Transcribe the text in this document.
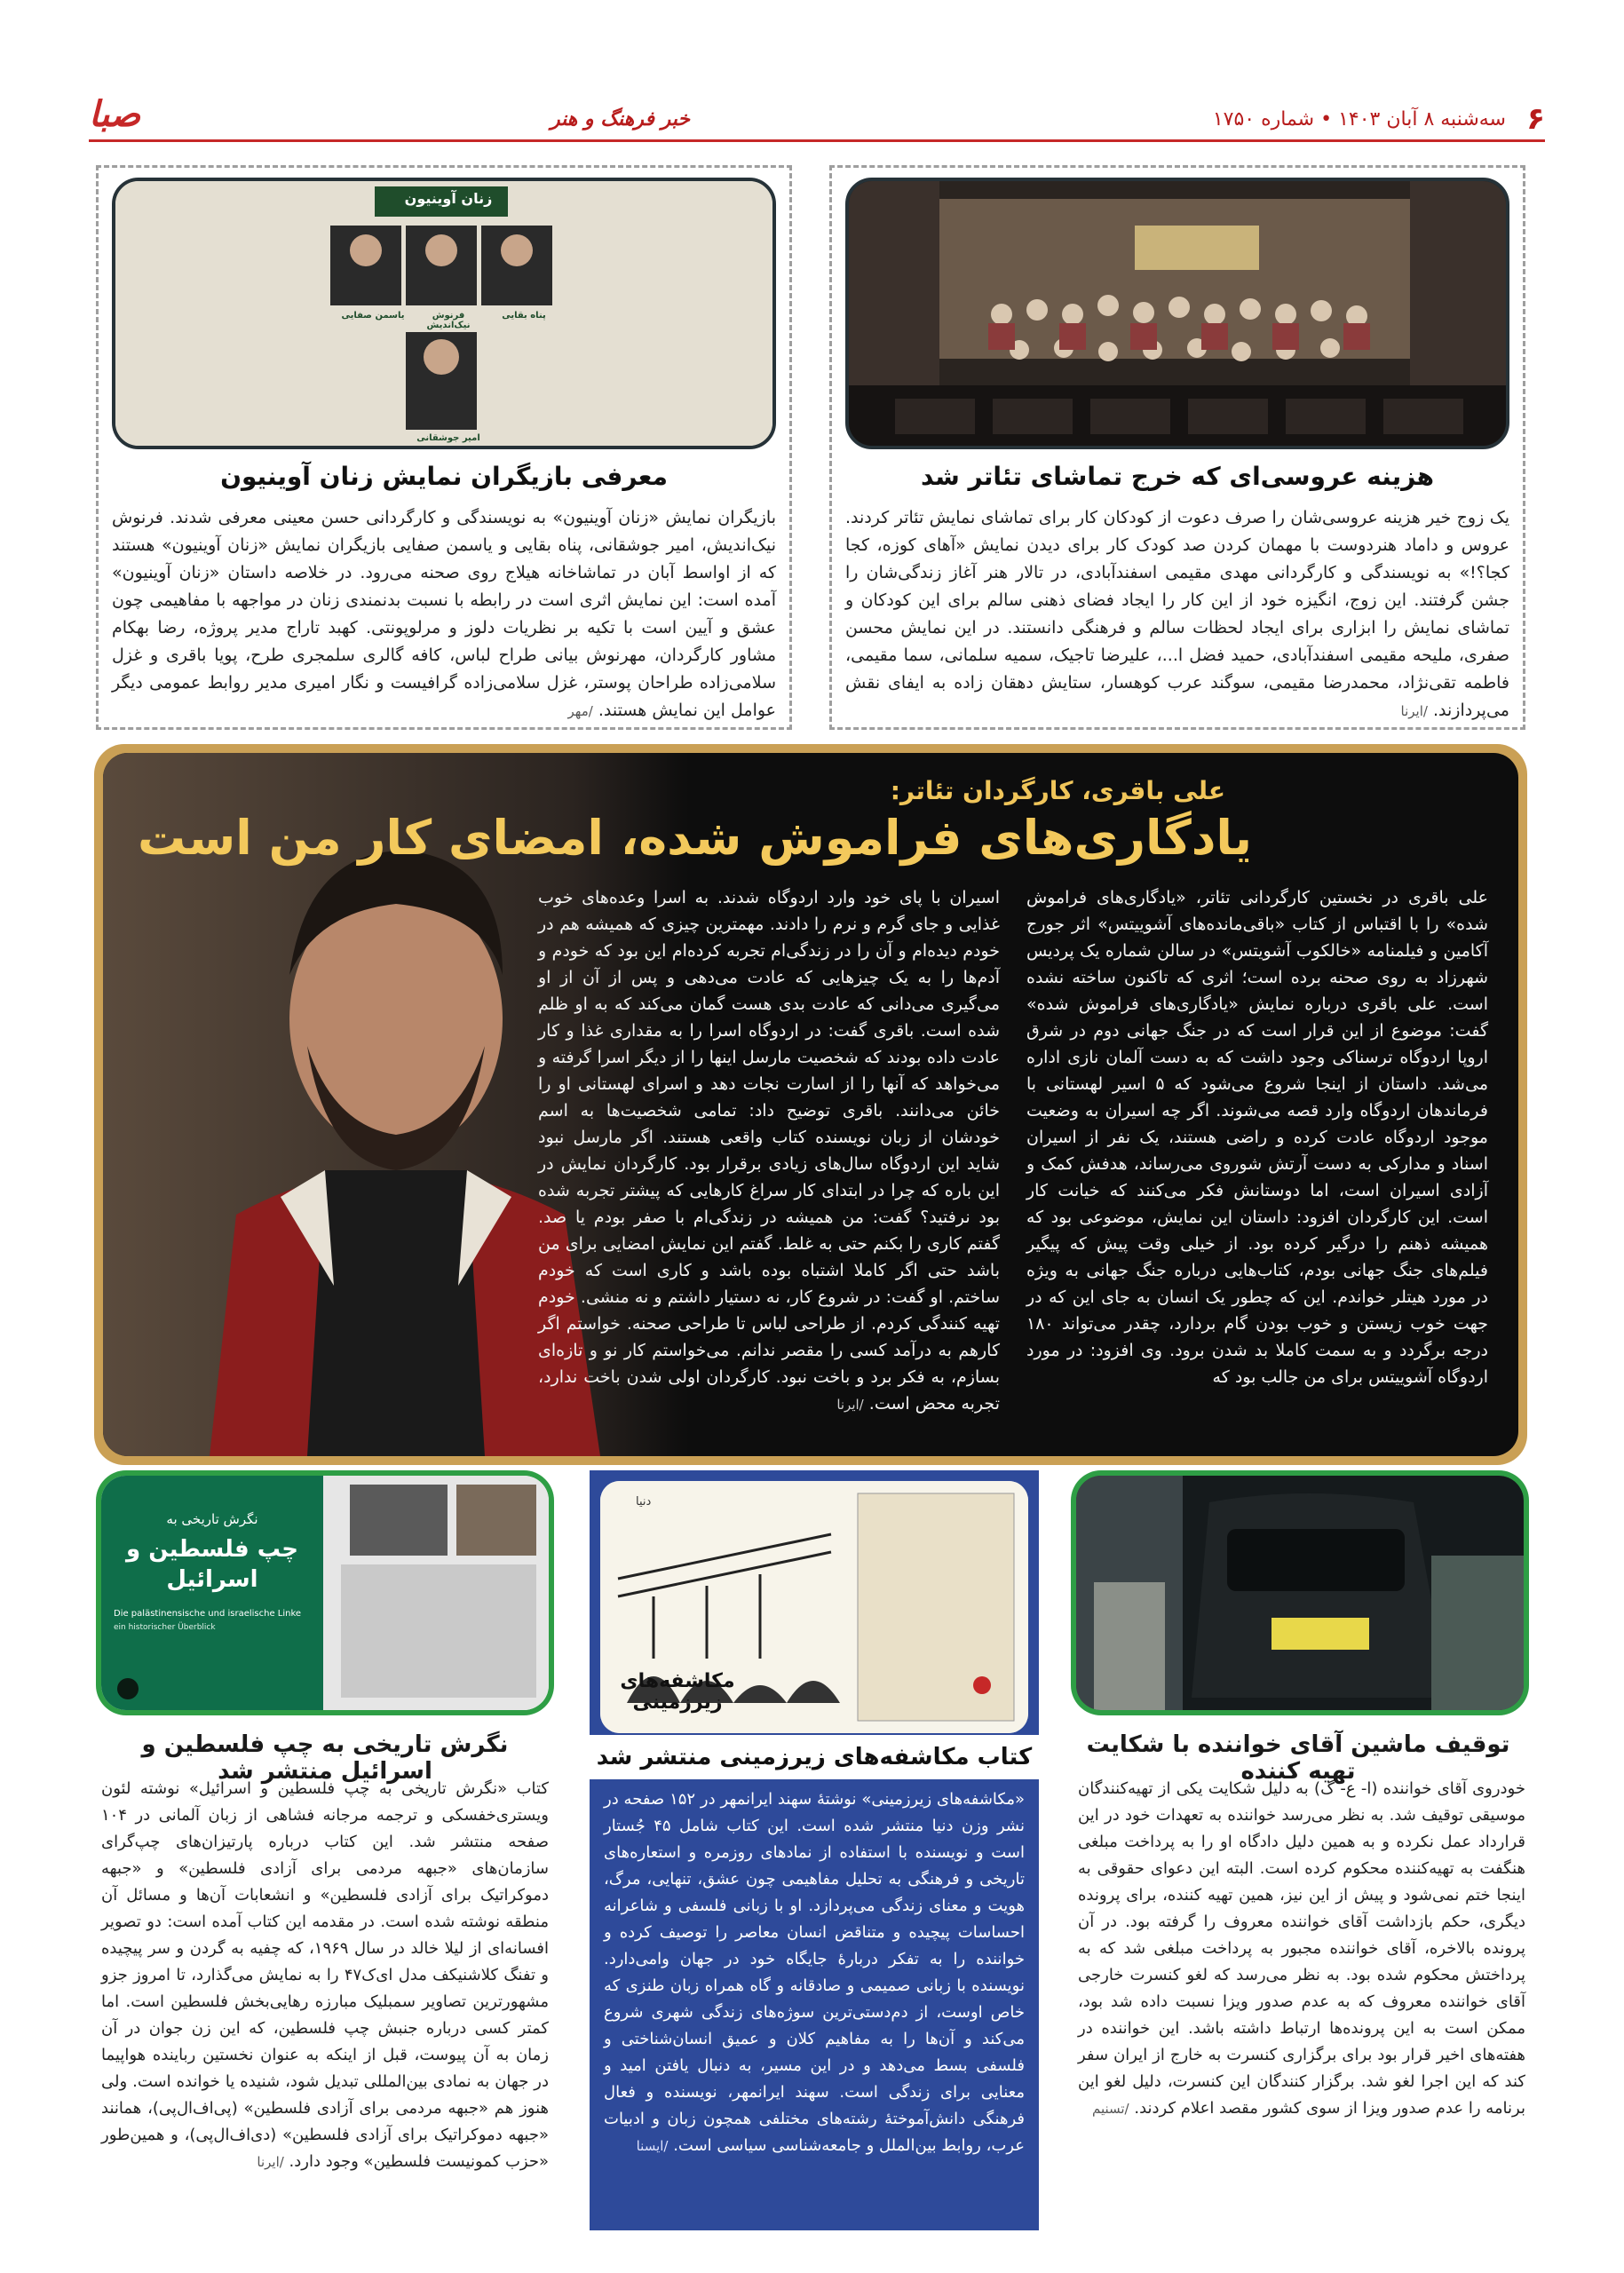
۶
سه‌شنبه ۸ آبان ۱۴۰۳ • شماره ۱۷۵۰
خبر فرهنگ و هنر
صبا
هزینه عروسی‌ای که خرج تماشای تئاتر شد
یک زوج خیر هزینه عروسی‌شان را صرف دعوت از کودکان کار برای تماشای نمایش تئاتر کردند. عروس و داماد هنردوست با مهمان کردن صد کودک کار برای دیدن نمایش «آهای کوزه، کجا کجا؟!» به نویسندگی و کارگردانی مهدی مقیمی اسفندآبادی، در تالار هنر آغاز زندگی‌شان را جشن گرفتند. این زوج، انگیزه خود از این کار را ایجاد فضای ذهنی سالم برای این کودکان و تماشای نمایش را ابزاری برای ایجاد لحظات سالم و فرهنگی دانستند. در این نمایش محسن صفری، ملیحه مقیمی اسفندآبادی، حمید فضل ا...، علیرضا تاجیک، سمیه سلمانی، سما مقیمی، فاطمه تقی‌نژاد، محمدرضا مقیمی، سوگند عرب کوهسار، ستایش دهقان زاده به ایفای نقش می‌پردازند. /ایرنا
زنان آوینیون
پناه بقایی
فرنوش نیک‌اندیش
یاسمن صفایی
امیر جوشقانی
معرفی بازیگران نمایش زنان آوینیون
بازیگران نمایش «زنان آوینیون» به نویسندگی و کارگردانی حسن معینی معرفی شدند. فرنوش نیک‌اندیش، امیر جوشقانی، پناه بقایی و یاسمن صفایی بازیگران نمایش «زنان آوینیون» هستند که از اواسط آبان در تماشاخانه هیلاج روی صحنه می‌رود. در خلاصه داستان «زنان آوینیون» آمده است: این نمایش اثری است در رابطه با نسبت بدنمندی زنان در مواجهه با مفاهیمی چون عشق و آیین است با تکیه بر نظریات دلوز و مرلوپونتی. کهبد تاراج مدیر پروژه، رضا بهکام مشاور کارگردان، مهرنوش بیانی طراح لباس، کافه گالری سلمجری طرح، پویا باقری و غزل سلامی‌زاده طراحان پوستر، غزل سلامی‌زاده گرافیست و نگار امیری مدیر روابط عمومی دیگر عوامل این نمایش هستند. /مهر
علی باقری، کارگردان تئاتر:
یادگاری‌های فراموش شده، امضای کار من است
علی باقری در نخستین کارگردانی تئاتر، «یادگاری‌های فراموش شده» را با اقتباس از کتاب «باقی‌مانده‌های آشوییتس» اثر جورج آکامین و فیلمنامه «خالکوب آشویتس» در سالن شماره یک پردیس شهرزاد به روی صحنه برده است؛ اثری که تاکنون ساخته نشده است. علی باقری درباره نمایش «یادگاری‌های فراموش شده» گفت: موضوع از این قرار است که در جنگ جهانی دوم در شرق اروپا اردوگاه ترسناکی وجود داشت که به دست آلمان نازی اداره می‌شد. داستان از اینجا شروع می‌شود که ۵ اسیر لهستانی با فرماندهان اردوگاه وارد قصه می‌شوند. اگر چه اسیران به وضعیت موجود اردوگاه عادت کرده و راضی هستند، یک نفر از اسیران اسناد و مدارکی به دست آرتش شوروی می‌رساند، هدفش کمک و آزادی اسیران است، اما دوستانش فکر می‌کنند که خیانت کار است. این کارگردان افزود: داستان این نمایش، موضوعی بود که همیشه ذهنم را درگیر کرده بود. از خیلی وقت پیش که پیگیر فیلم‌های جنگ جهانی بودم، کتاب‌هایی درباره جنگ جهانی به ویژه در مورد هیتلر خواندم. این که چطور یک انسان به جای این که در جهت خوب زیستن و خوب بودن گام بردارد، چقدر می‌تواند ۱۸۰ درجه برگردد و به سمت کاملا بد شدن برود. وی افزود: در مورد اردوگاه آشوییتس برای من جالب بود که
اسیران با پای خود وارد اردوگاه شدند. به اسرا وعده‌های خوب غذایی و جای گرم و نرم را دادند. مهمترین چیزی که همیشه هم در خودم دیده‌ام و آن را در زندگی‌ام تجربه کرده‌ام این بود که خودم و آدم‌ها را به یک چیزهایی که عادت می‌دهی و پس از آن از او می‌گیری می‌دانی که عادت بدی هست گمان می‌کند که به او ظلم شده است. باقری گفت: در اردوگاه اسرا را به مقداری غذا و کار عادت داده بودند که شخصیت مارسل اینها را از دیگر اسرا گرفته و می‌خواهد که آنها را از اسارت نجات دهد و اسرای لهستانی او را خائن می‌دانند. باقری توضیح داد: تمامی شخصیت‌ها به اسم خودشان از زبان نویسنده کتاب واقعی هستند. اگر مارسل نبود شاید این اردوگاه سال‌های زیادی برقرار بود. کارگردان نمایش در این باره که چرا در ابتدای کار سراغ کارهایی که پیشتر تجربه شده بود نرفتید؟ گفت: من همیشه در زندگی‌ام با صفر بودم یا صد. گفتم کاری را بکنم حتی به غلط. گفتم این نمایش امضایی برای من باشد حتی اگر کاملا اشتباه بوده باشد و کاری است که خودم ساختم. او گفت: در شروع کار، نه دستیار داشتم و نه منشی. خودم تهیه کنندگی کردم. از طراحی لباس تا طراحی صحنه. خواستم اگر کارهم به درآمد کسی را مقصر ندانم. می‌خواستم کار نو و تازه‌ای بسازم، به فکر برد و باخت نبود. کارگردان اولی شدن باخت ندارد، تجربه محض است. /ایرنا
توقیف ماشین آقای خواننده با شکایت تهیه کننده
خودروی آقای خواننده (ا- ع- گ) به دلیل شکایت یکی از تهیه‌کنندگان موسیقی توقیف شد. به نظر می‌رسد خواننده به تعهدات خود در این قرارداد عمل نکرده و به همین دلیل دادگاه او را به پرداخت مبلغی هنگفت به تهیه‌کننده محکوم کرده است. البته این دعوای حقوقی به اینجا ختم نمی‌شود و پیش از این نیز، همین تهیه کننده، برای پرونده دیگری، حکم بازداشت آقای خواننده معروف را گرفته بود. در آن پرونده بالاخره، آقای خواننده مجبور به پرداخت مبلغی شد که به پرداختش محکوم شده بود. به نظر می‌رسد که لغو کنسرت خارجی آقای خواننده معروف که به عدم صدور ویزا نسبت داده شد بود، ممکن است به این پرونده‌ها ارتباط داشته باشد. این خواننده در هفته‌های اخیر قرار بود برای برگزاری کنسرت به خارج از ایران سفر کند که این اجرا لغو شد. برگزار کنندگان این کنسرت، دلیل لغو این برنامه را عدم صدور ویزا از سوی کشور مقصد اعلام کردند. /تسنیم
مکاشفه‌های زیرزمینی
دنیا
کتاب مکاشفه‌های زیرزمینی منتشر شد
«مکاشفه‌های زیرزمینی» نوشتهٔ سهند ایرانمهر در ۱۵۲ صفحه در نشر وزن دنیا منتشر شده است. این کتاب شامل ۴۵ جُستار است و نویسنده با استفاده از نمادهای روزمره و استعاره‌های تاریخی و فرهنگی به تحلیل مفاهیمی چون عشق، تنهایی، مرگ، هویت و معنای زندگی می‌پردازد. او با زبانی فلسفی و شاعرانه احساسات پیچیده و متناقض انسان معاصر را توصیف کرده و خواننده را به تفکر دربارهٔ جایگاه خود در جهان وامی‌دارد. نویسنده با زبانی صمیمی و صادقانه و گاه همراه زبان طنزی که خاص اوست، از دم‌دستی‌ترین سوژه‌های زندگی شهری شروع می‌کند و آن‌ها را به مفاهیم کلان و عمیق انسان‌شناختی و فلسفی بسط می‌دهد و در این مسیر، به دنبال یافتن امید و معنایی برای زندگی است. سهند ایرانمهر، نویسنده و فعال فرهنگی دانش‌آموختهٔ رشته‌های مختلفی همچون زبان و ادبیات عرب، روابط بین‌الملل و جامعه‌شناسی سیاسی است. /ایسنا
نگرش تاریخی به
چپ فلسطین و اسرائیل
Die palästinensische und israelische Linke
ein historischer Überblick
نگرش تاریخی به چپ فلسطین و اسرائیل منتشر شد
کتاب «نگرش تاریخی به چپ فلسطین و اسرائیل» نوشته لئون ویستری‌خفسکی و ترجمه مرجانه فشاهی از زبان آلمانی در ۱۰۴ صفحه منتشر شد. این کتاب درباره پارتیزان‌های چپ‌گرای سازمان‌های «جبهه مردمی برای آزادی فلسطین» و «جبهه دموکراتیک برای آزادی فلسطین» و انشعابات آن‌ها و مسائل آن منطقه نوشته شده است. در مقدمه این کتاب آمده است: دو تصویر افسانه‌ای از لیلا خالد در سال ۱۹۶۹، که چفیه به گردن و سر پیچیده و تفنگ کلاشنیکف مدل ای‌ک۴۷ را به نمایش می‌گذارد، تا امروز جزو مشهورترین تصاویر سمبلیک مبارزه رهایی‌بخش فلسطین است. اما کمتر کسی درباره جنبش چپ فلسطین، که این زن جوان در آن زمان به آن پیوست، قبل از اینکه به عنوان نخستین رباینده هواپیما در جهان به نمادی بین‌المللی تبدیل شود، شنیده یا خوانده است. ولی هنوز هم «جبهه مردمی برای آزادی فلسطین» (پی‌اف‌ال‌پی)، همانند «جبهه دموکراتیک برای آزادی فلسطین» (دی‌اف‌ال‌پی)، و همین‌طور «حزب کمونیست فلسطین» وجود دارد. /ایرنا
